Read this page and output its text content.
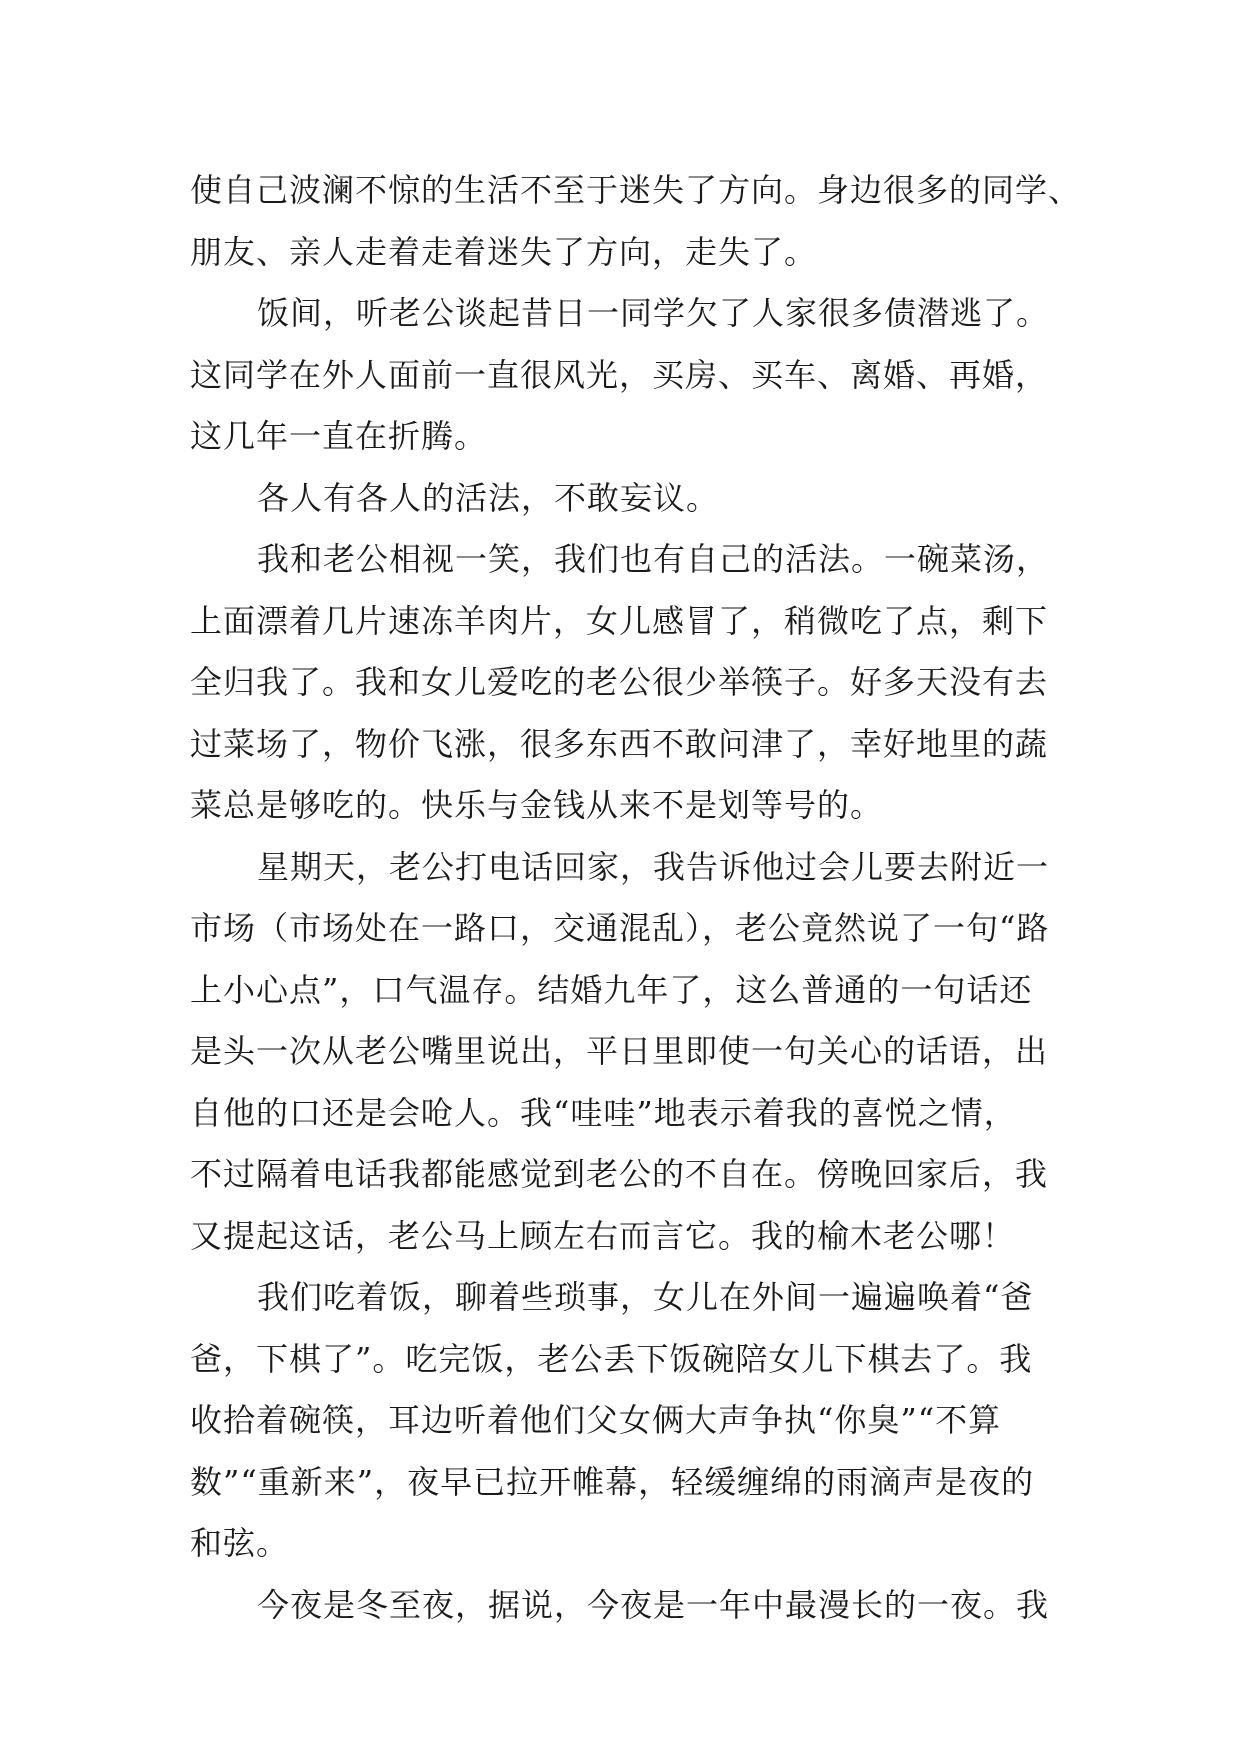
使自己波澜不惊的生活不至于迷失了方向。身边很多的同学、
朋友、亲人走着走着迷失了方向，走失了。
饭间，听老公谈起昔日一同学欠了人家很多债潜逃了。
这同学在外人面前一直很风光，买房、买车、离婚、再婚，
这几年一直在折腾。
各人有各人的活法，不敢妄议。
我和老公相视一笑，我们也有自己的活法。一碗菜汤，
上面漂着几片速冻羊肉片，女儿感冒了，稍微吃了点，剩下
全归我了。我和女儿爱吃的老公很少举筷子。好多天没有去
过菜场了，物价飞涨，很多东西不敢问津了，幸好地里的蔬
菜总是够吃的。快乐与金钱从来不是划等号的。
星期天，老公打电话回家，我告诉他过会儿要去附近一
市场（市场处在一路口，交通混乱），老公竟然说了一句“路
上小心点”，口气温存。结婚九年了，这么普通的一句话还
是头一次从老公嘴里说出，平日里即使一句关心的话语，出
自他的口还是会呛人。我“哇哇”地表示着我的喜悦之情，
不过隔着电话我都能感觉到老公的不自在。傍晚回家后，我
又提起这话，老公马上顾左右而言它。我的榆木老公哪！
我们吃着饭，聊着些琐事，女儿在外间一遍遍唤着“爸
爸，下棋了”。吃完饭，老公丢下饭碗陪女儿下棋去了。我
收拾着碗筷，耳边听着他们父女俩大声争执“你臭”“不算
数”“重新来”，夜早已拉开帷幕，轻缓缠绵的雨滴声是夜的
和弦。
今夜是冬至夜，据说，今夜是一年中最漫长的一夜。我
